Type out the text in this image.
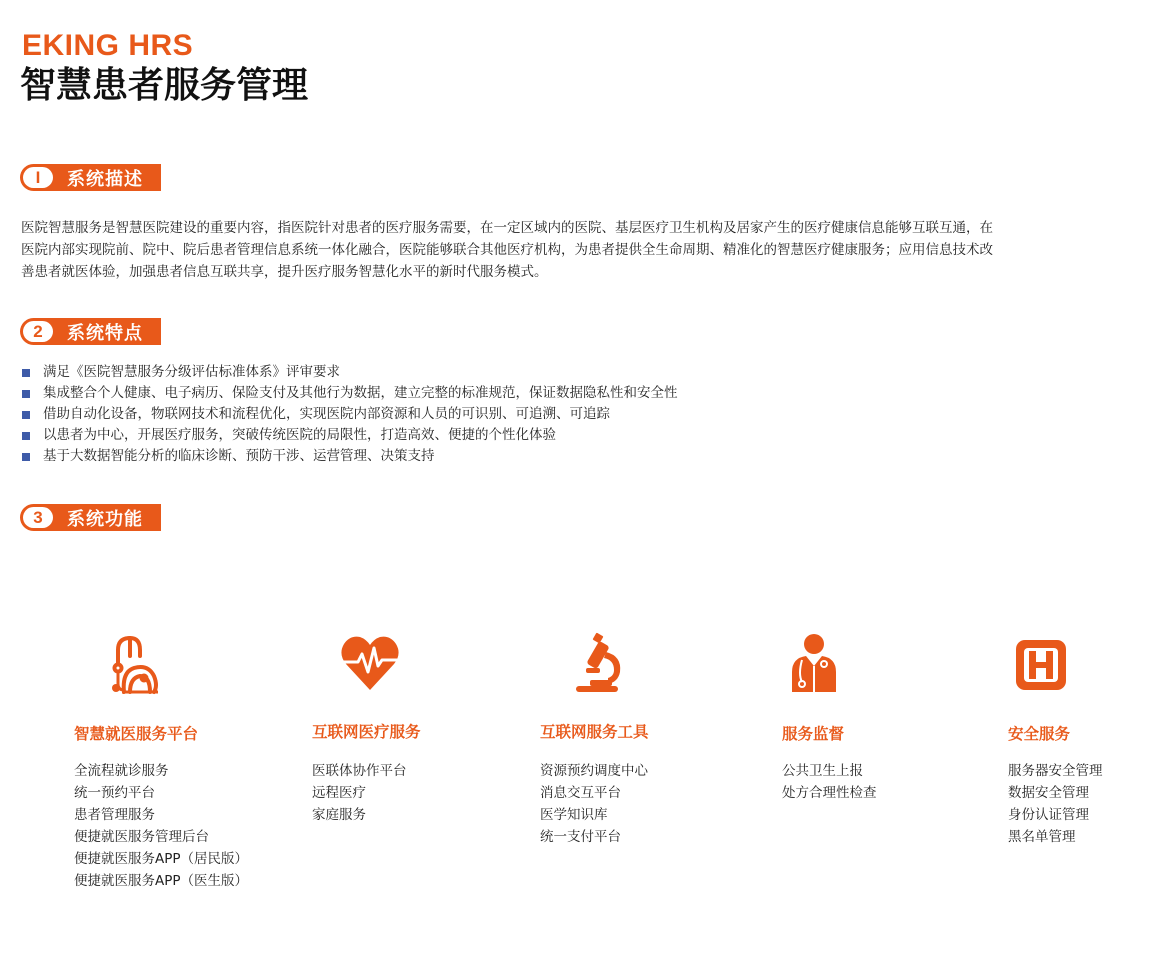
EKING HRS
智慧患者服务管理
I	系统描述
医院智慧服务是智慧医院建设的重要内容，指医院针对患者的医疗服务需要，在一定区域内的医院、基层医疗卫生机构及居家产生的医疗健康信息能够互联互通，在医院内部实现院前、院中、院后患者管理信息系统一体化融合，医院能够联合其他医疗机构，为患者提供全生命周期、精准化的智慧医疗健康服务；应用信息技术改善患者就医体验，加强患者信息互联共享，提升医疗服务智慧化水平的新时代服务模式。
2	系统特点
满足《医院智慧服务分级评估标准体系》评审要求
集成整合个人健康、电子病历、保险支付及其他行为数据，建立完整的标准规范，保证数据隐私性和安全性
借助自动化设备，物联网技术和流程优化，实现医院内部资源和人员的可识别、可追溯、可追踪
以患者为中心，开展医疗服务，突破传统医院的局限性，打造高效、便捷的个性化体验
基于大数据智能分析的临床诊断、预防干涉、运营管理、决策支持
3	系统功能
智慧就医服务平台
全流程就诊服务
统一预约平台
患者管理服务
便捷就医服务管理后台
便捷就医服务APP（居民版）
便捷就医服务APP（医生版）
互联网医疗服务
医联体协作平台
远程医疗
家庭服务
互联网服务工具
资源预约调度中心
消息交互平台
医学知识库
统一支付平台
服务监督
公共卫生上报
处方合理性检查
安全服务
服务器安全管理
数据安全管理
身份认证管理
黑名单管理
